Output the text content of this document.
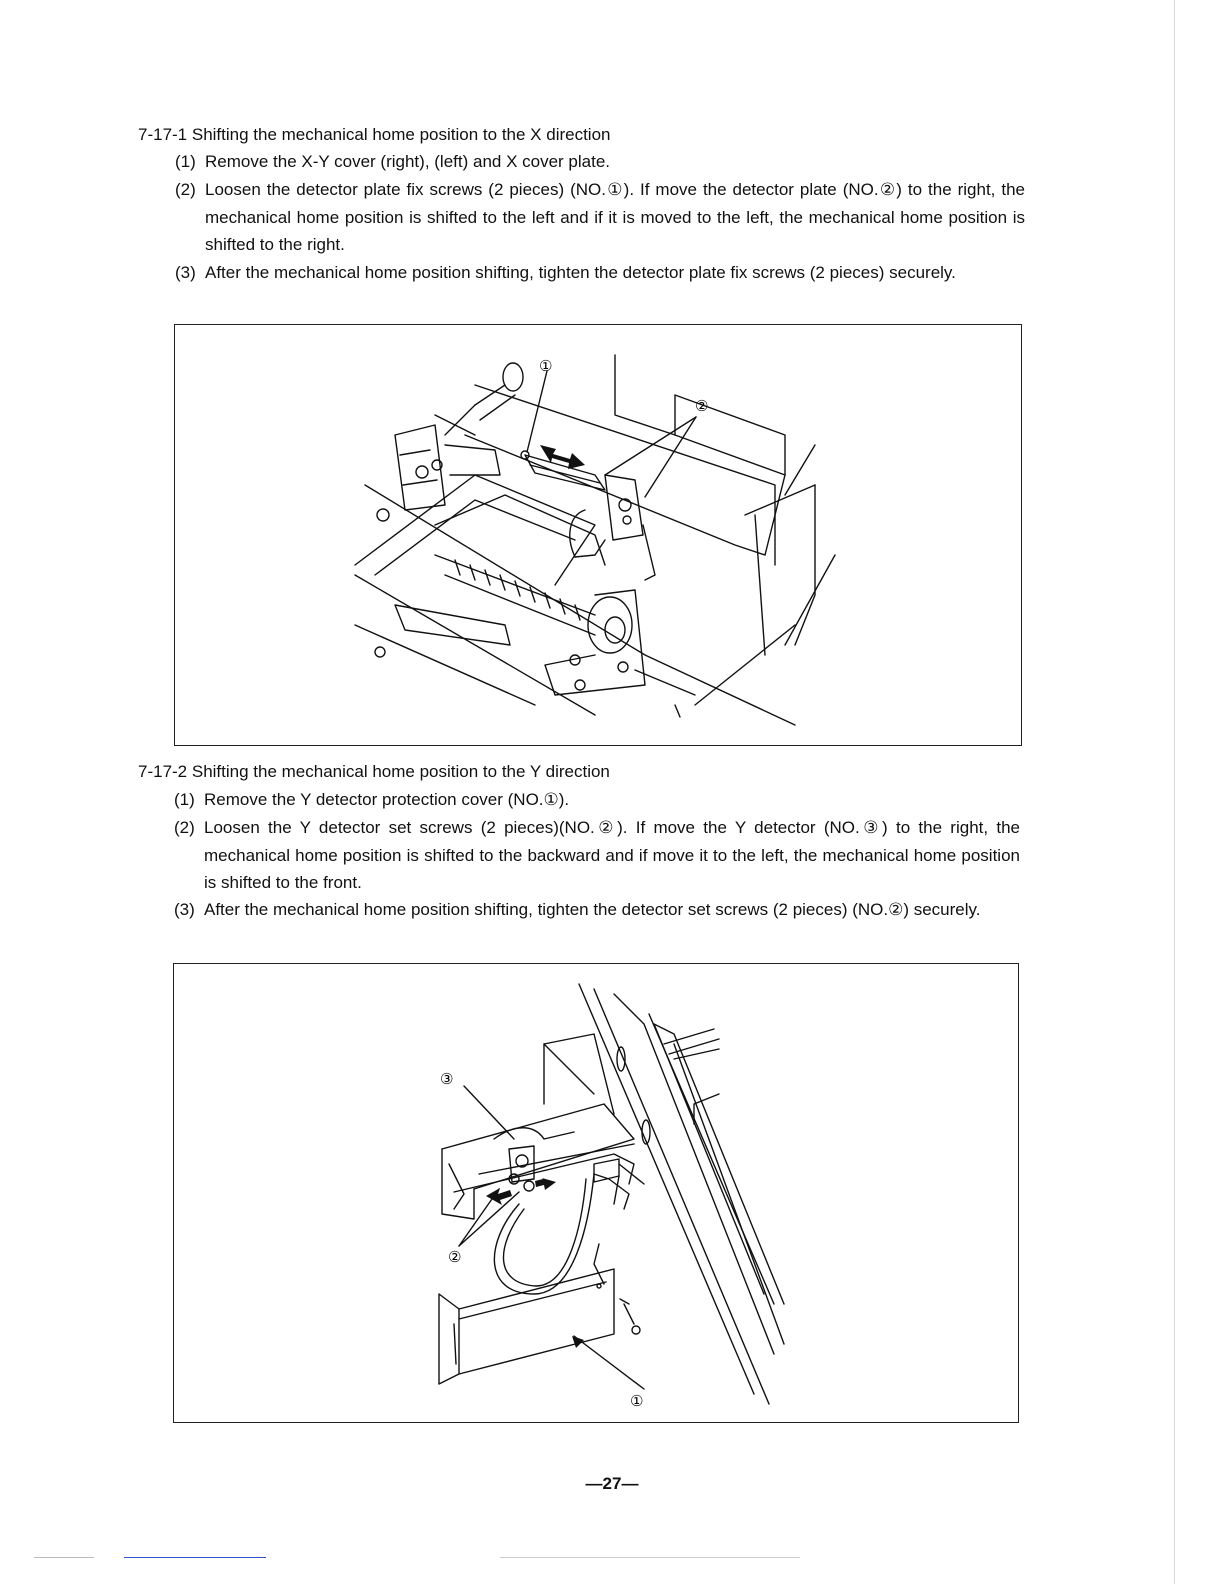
7-17-1 Shifting the mechanical home position to the X direction
(1) Remove the X-Y cover (right), (left) and X cover plate.
(2) Loosen the detector plate fix screws (2 pieces) (NO.①). If move the detector plate (NO.②) to the right, the mechanical home position is shifted to the left and if it is moved to the left, the mechanical home position is shifted to the right.
(3) After the mechanical home position shifting, tighten the detector plate fix screws (2 pieces) securely.
①
②
7-17-2 Shifting the mechanical home position to the Y direction
(1) Remove the Y detector protection cover (NO.①).
(2) Loosen the Y detector set screws (2 pieces)(NO.②). If move the Y detector (NO.③) to the right, the mechanical home position is shifted to the backward and if move it to the left, the mechanical home position is shifted to the front.
(3) After the mechanical home position shifting, tighten the detector set screws (2 pieces) (NO.②) securely.
③
②
①
—27—
